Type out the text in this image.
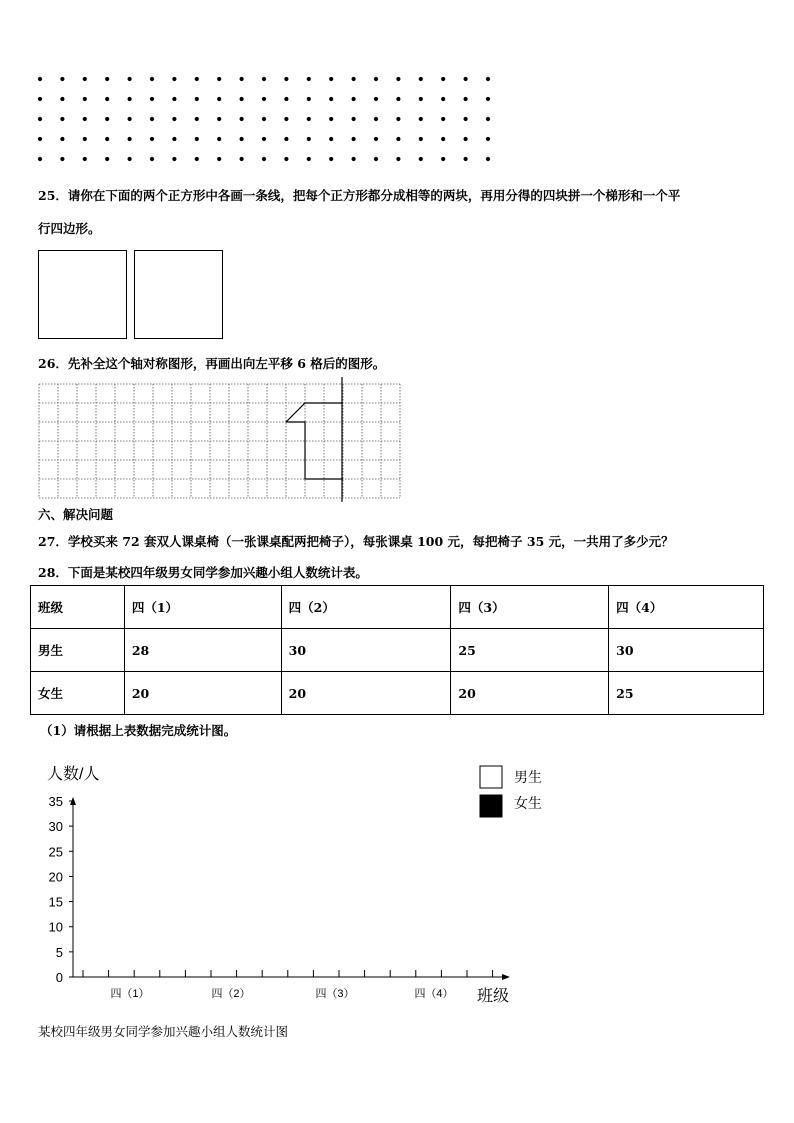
25．请你在下面的两个正方形中各画一条线，把每个正方形都分成相等的两块，再用分得的四块拼一个梯形和一个平
行四边形。
26．先补全这个轴对称图形，再画出向左平移 6 格后的图形。
六、解决问题
27．学校买来 72 套双人课桌椅（一张课桌配两把椅子），每张课桌 100 元，每把椅子 35 元，一共用了多少元？
28．下面是某校四年级男女同学参加兴趣小组人数统计表。
班级	四（1）	四（2）	四（3）	四（4）
男生	28	30	25	30
女生	20	20	20	25
（1）请根据上表数据完成统计图。
人数/人
班级
0
5
10
15
20
25
30
35
四（1）	四（2）	四（3）	四（4）
男生
女生
某校四年级男女同学参加兴趣小组人数统计图
